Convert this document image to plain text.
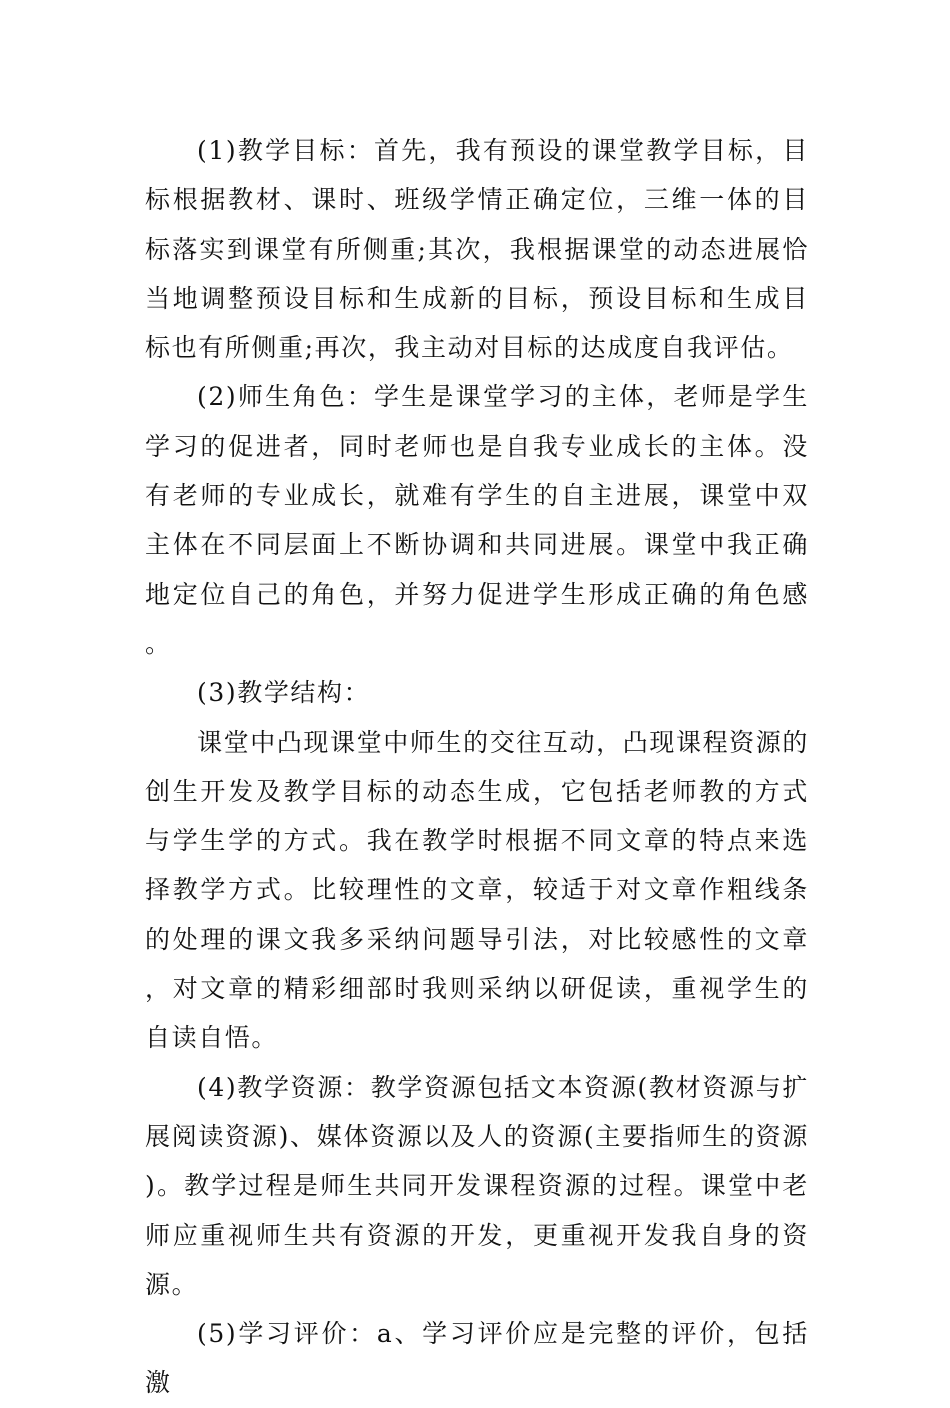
(1)教学目标：首先，我有预设的课堂教学目标，目标根据教材、课时、班级学情正确定位，三维一体的目标落实到课堂有所侧重;其次，我根据课堂的动态进展恰当地调整预设目标和生成新的目标，预设目标和生成目标也有所侧重;再次，我主动对目标的达成度自我评估。

(2)师生角色：学生是课堂学习的主体，老师是学生学习的促进者，同时老师也是自我专业成长的主体。没有老师的专业成长，就难有学生的自主进展，课堂中双主体在不同层面上不断协调和共同进展。课堂中我正确地定位自己的角色，并努力促进学生形成正确的角色感。

(3)教学结构：

课堂中凸现课堂中师生的交往互动，凸现课程资源的创生开发及教学目标的动态生成，它包括老师教的方式与学生学的方式。我在教学时根据不同文章的特点来选择教学方式。比较理性的文章，较适于对文章作粗线条的处理的课文我多采纳问题导引法，对比较感性的文章，对文章的精彩细部时我则采纳以研促读，重视学生的自读自悟。

(4)教学资源：教学资源包括文本资源(教材资源与扩展阅读资源)、媒体资源以及人的资源(主要指师生的资源)。教学过程是师生共同开发课程资源的过程。课堂中老师应重视师生共有资源的开发，更重视开发我自身的资源。

(5)学习评价：a、学习评价应是完整的评价，包括激
